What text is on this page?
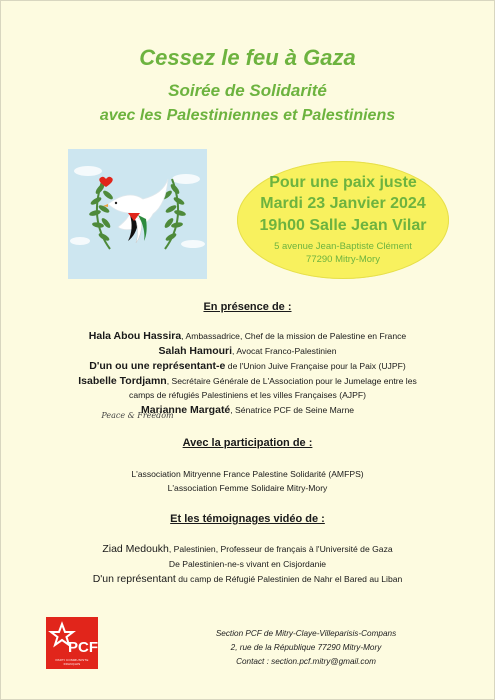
Cessez le feu à Gaza
Soirée de Solidarité
avec les Palestiniennes et Palestiniens
Peace & Freedom
Pour une paix juste
Mardi 23 Janvier 2024
19h00 Salle Jean Vilar
5 avenue Jean-Baptiste Clément
77290 Mitry-Mory
En présence de :
Hala Abou Hassira, Ambassadrice, Chef de la mission de Palestine en France
Salah Hamouri, Avocat Franco-Palestinien
D'un ou une représentant-e de l'Union Juive Française pour la Paix (UJPF)
Isabelle Tordjamn, Secrétaire Générale de L'Association pour le Jumelage entre les
camps de réfugiés Palestiniens et les villes Françaises (AJPF)
Marianne Margaté, Sénatrice PCF de Seine Marne
Avec la participation de :
L'association Mitryenne France Palestine Solidarité (AMFPS)
L'association Femme Solidaire Mitry-Mory
Et les témoignages vidéo de :
Ziad Medoukh, Palestinien, Professeur de français à l'Université de Gaza
De Palestinien-ne-s vivant en Cisjordanie
D'un représentant du camp de Réfugié Palestinien de Nahr el Bared au Liban
PCF
PARTI COMMUNISTE FRANÇAIS
Section PCF de Mitry-Claye-Villeparisis-Compans
2, rue de la République 77290 Mitry-Mory
Contact : section.pcf.mitry@gmail.com
